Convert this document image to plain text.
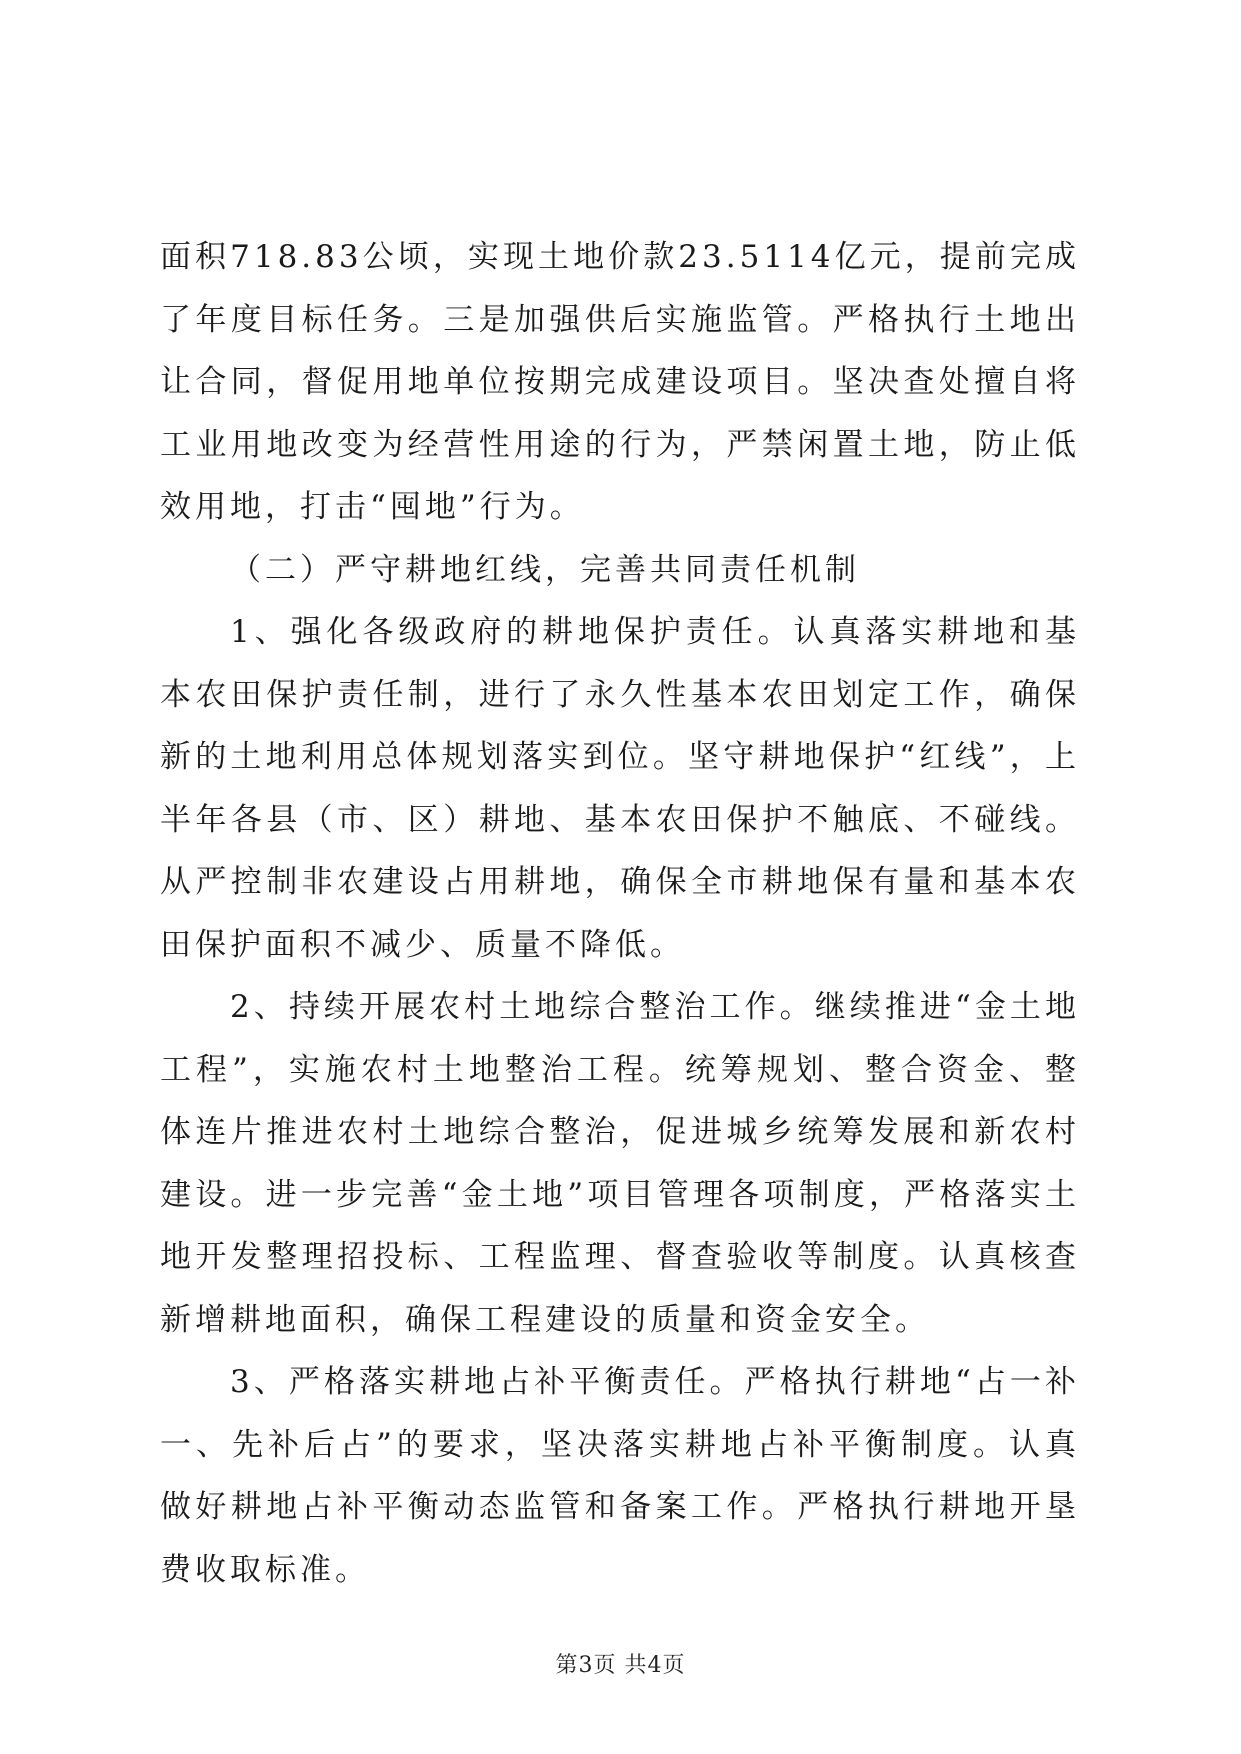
面积718.83公顷，实现土地价款23.5114亿元，提前完成了年度目标任务。三是加强供后实施监管。严格执行土地出让合同，督促用地单位按期完成建设项目。坚决查处擅自将工业用地改变为经营性用途的行为，严禁闲置土地，防止低效用地，打击“囤地”行为。

（二）严守耕地红线，完善共同责任机制

1、强化各级政府的耕地保护责任。认真落实耕地和基本农田保护责任制，进行了永久性基本农田划定工作，确保新的土地利用总体规划落实到位。坚守耕地保护“红线”，上半年各县（市、区）耕地、基本农田保护不触底、不碰线。从严控制非农建设占用耕地，确保全市耕地保有量和基本农田保护面积不减少、质量不降低。

2、持续开展农村土地综合整治工作。继续推进“金土地工程”，实施农村土地整治工程。统筹规划、整合资金、整体连片推进农村土地综合整治，促进城乡统筹发展和新农村建设。进一步完善“金土地”项目管理各项制度，严格落实土地开发整理招投标、工程监理、督查验收等制度。认真核查新增耕地面积，确保工程建设的质量和资金安全。

3、严格落实耕地占补平衡责任。严格执行耕地“占一补一、先补后占”的要求，坚决落实耕地占补平衡制度。认真做好耕地占补平衡动态监管和备案工作。严格执行耕地开垦费收取标准。

第3页 共4页
